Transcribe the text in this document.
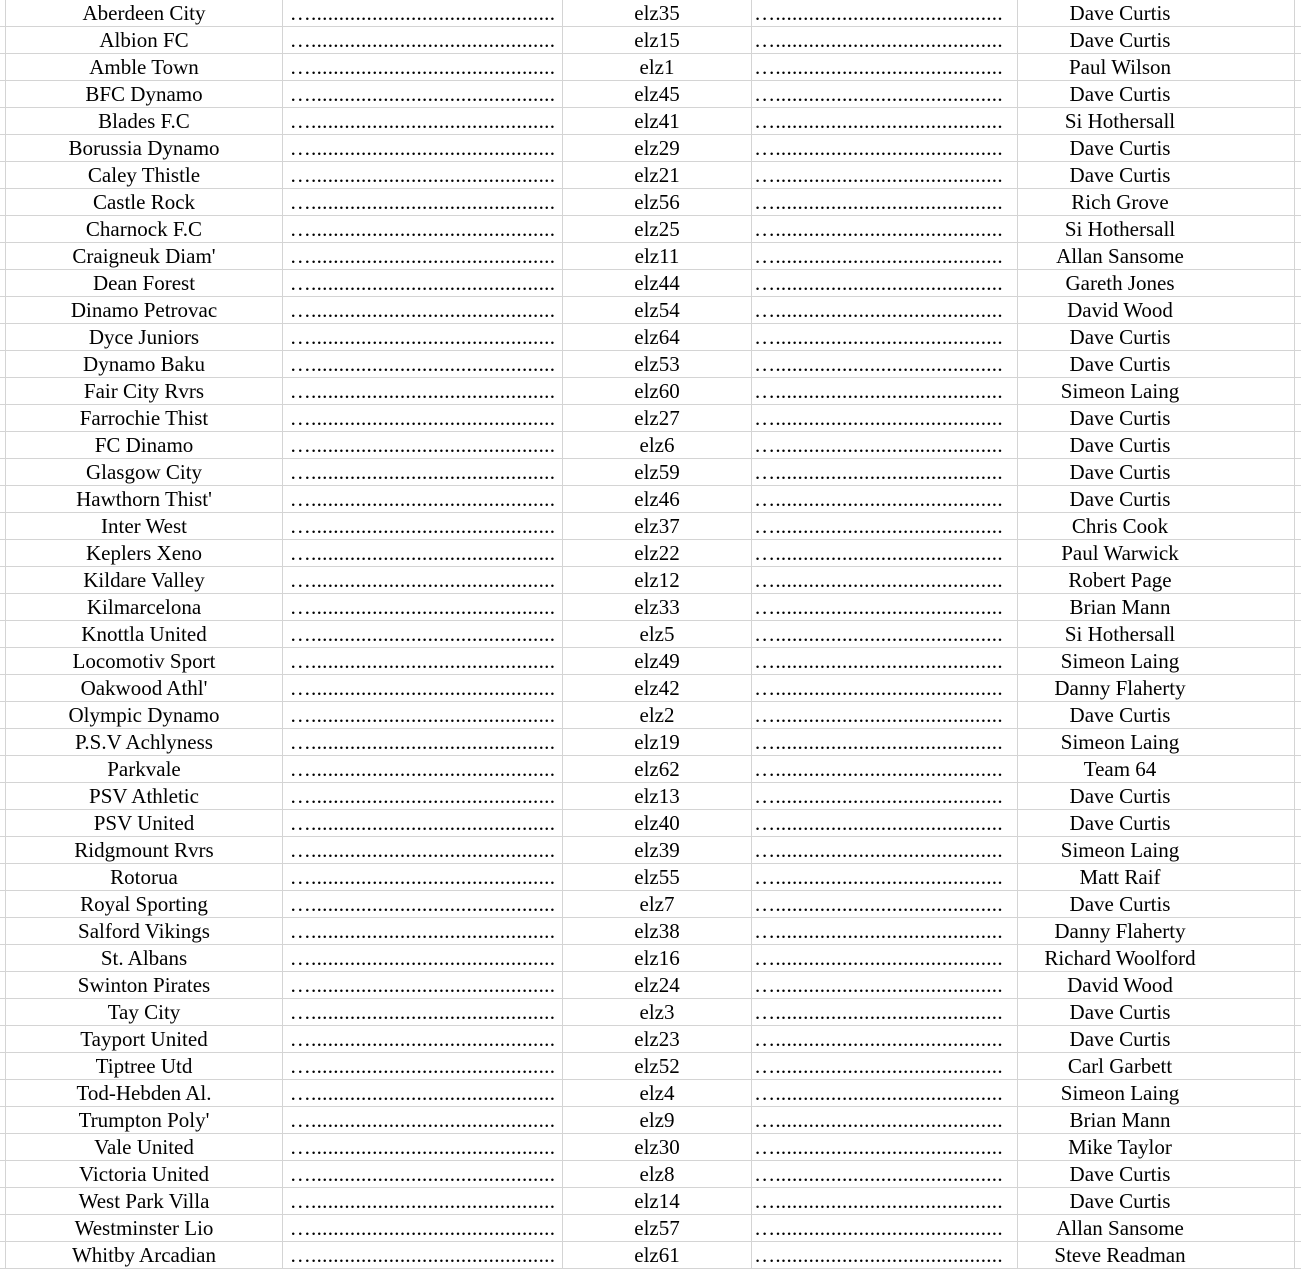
Aberdeen City	…............................................	elz35	….........................................	Dave Curtis
Albion FC	…............................................	elz15	….........................................	Dave Curtis
Amble Town	…............................................	elz1	….........................................	Paul Wilson
BFC Dynamo	…............................................	elz45	….........................................	Dave Curtis
Blades F.C	…............................................	elz41	….........................................	Si Hothersall
Borussia Dynamo	…............................................	elz29	….........................................	Dave Curtis
Caley Thistle	…............................................	elz21	….........................................	Dave Curtis
Castle Rock	…............................................	elz56	….........................................	Rich Grove
Charnock F.C	…............................................	elz25	….........................................	Si Hothersall
Craigneuk Diam'	…............................................	elz11	….........................................	Allan Sansome
Dean Forest	…............................................	elz44	….........................................	Gareth Jones
Dinamo Petrovac	…............................................	elz54	….........................................	David Wood
Dyce Juniors	…............................................	elz64	….........................................	Dave Curtis
Dynamo Baku	…............................................	elz53	….........................................	Dave Curtis
Fair City Rvrs	…............................................	elz60	….........................................	Simeon Laing
Farrochie Thist	…............................................	elz27	….........................................	Dave Curtis
FC Dinamo	…............................................	elz6	….........................................	Dave Curtis
Glasgow City	…............................................	elz59	….........................................	Dave Curtis
Hawthorn Thist'	…............................................	elz46	….........................................	Dave Curtis
Inter West	…............................................	elz37	….........................................	Chris Cook
Keplers Xeno	…............................................	elz22	….........................................	Paul Warwick
Kildare Valley	…............................................	elz12	….........................................	Robert Page
Kilmarcelona	…............................................	elz33	….........................................	Brian Mann
Knottla United	…............................................	elz5	….........................................	Si Hothersall
Locomotiv Sport	…............................................	elz49	….........................................	Simeon Laing
Oakwood Athl'	…............................................	elz42	….........................................	Danny Flaherty
Olympic Dynamo	…............................................	elz2	….........................................	Dave Curtis
P.S.V Achlyness	…............................................	elz19	….........................................	Simeon Laing
Parkvale	…............................................	elz62	….........................................	Team 64
PSV Athletic	…............................................	elz13	….........................................	Dave Curtis
PSV United	…............................................	elz40	….........................................	Dave Curtis
Ridgmount Rvrs	…............................................	elz39	….........................................	Simeon Laing
Rotorua	…............................................	elz55	….........................................	Matt Raif
Royal Sporting	…............................................	elz7	….........................................	Dave Curtis
Salford Vikings	…............................................	elz38	….........................................	Danny Flaherty
St. Albans	…............................................	elz16	….........................................	Richard Woolford
Swinton Pirates	…............................................	elz24	….........................................	David Wood
Tay City	…............................................	elz3	….........................................	Dave Curtis
Tayport United	…............................................	elz23	….........................................	Dave Curtis
Tiptree Utd	…............................................	elz52	….........................................	Carl Garbett
Tod-Hebden Al.	…............................................	elz4	….........................................	Simeon Laing
Trumpton Poly'	…............................................	elz9	….........................................	Brian Mann
Vale United	…............................................	elz30	….........................................	Mike Taylor
Victoria United	…............................................	elz8	….........................................	Dave Curtis
West Park Villa	…............................................	elz14	….........................................	Dave Curtis
Westminster Lio	…............................................	elz57	….........................................	Allan Sansome
Whitby Arcadian	…............................................	elz61	….........................................	Steve Readman
